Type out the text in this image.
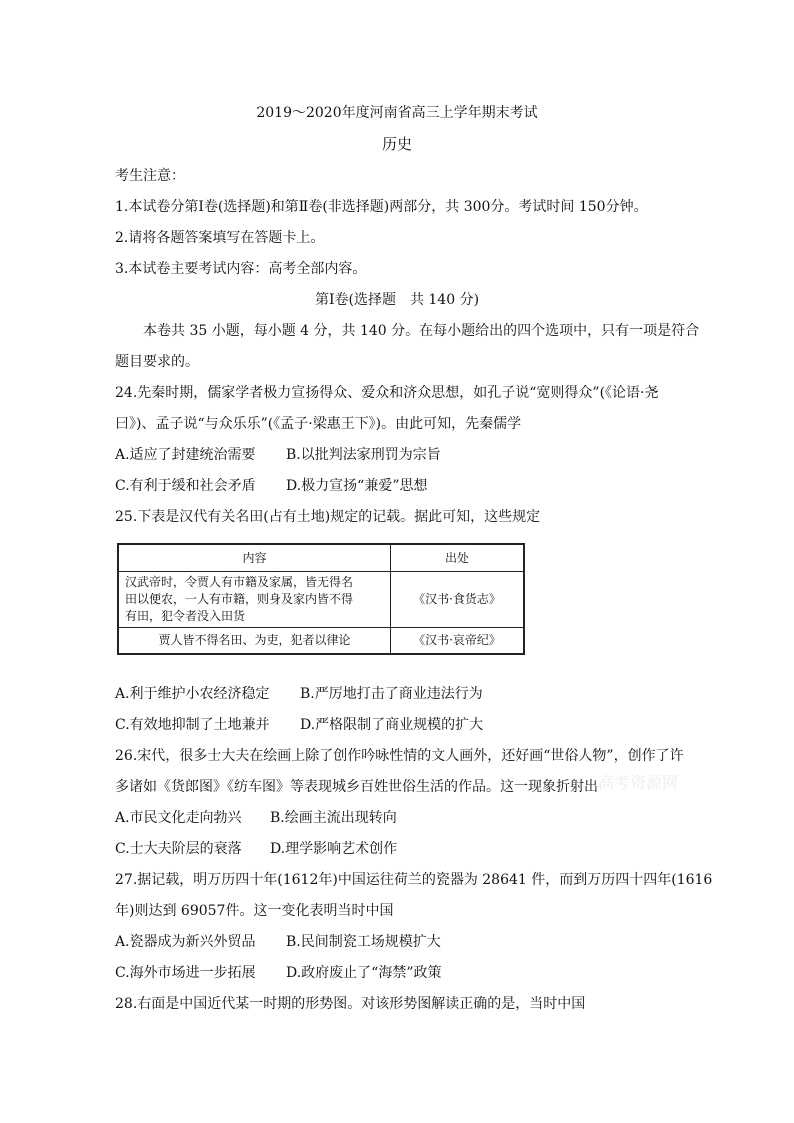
2019～2020年度河南省高三上学年期末考试
历史
考生注意：
1.本试卷分第Ⅰ卷(选择题)和第Ⅱ卷(非选择题)两部分，共 300分。考试时间 150分钟。
2.请将各题答案填写在答题卡上。
3.本试卷主要考试内容：高考全部内容。
第Ⅰ卷(选择题　共 140 分)
本卷共 35 小题，每小题 4 分，共 140 分。在每小题给出的四个选项中，只有一项是符合
题目要求的。
24.先秦时期，儒家学者极力宣扬得众、爱众和济众思想，如孔子说“宽则得众”(《论语·尧
曰》)、孟子说“与众乐乐”(《孟子·梁惠王下》)。由此可知，先秦儒学
A.适应了封建统治需要 B.以批判法家刑罚为宗旨
C.有利于缓和社会矛盾 D.极力宣扬“兼爱”思想
25.下表是汉代有关名田(占有土地)规定的记载。据此可知，这些规定
内容	出处

汉武帝时，令贾人有市籍及家属，皆无得名
田以便农，一人有市籍，则身及家内皆不得
有田，犯令者没入田货	《汉书·食货志》
贾人皆不得名田、为吏，犯者以律论	《汉书·哀帝纪》
A.利于维护小农经济稳定 B.严厉地打击了商业违法行为
C.有效地抑制了土地兼并 D.严格限制了商业规模的扩大
26.宋代，很多士大夫在绘画上除了创作吟咏性情的文人画外，还好画“世俗人物”，创作了许
多诸如《货郎图》《纺车图》等表现城乡百姓世俗生活的作品。这一现象折射出
A.市民文化走向勃兴 B.绘画主流出现转向
C.士大夫阶层的衰落 D.理学影响艺术创作
27.据记载，明万历四十年(1612年)中国运往荷兰的瓷器为 28641 件，而到万历四十四年(1616
年)则达到 69057件。这一变化表明当时中国
A.瓷器成为新兴外贸品 B.民间制瓷工场规模扩大
C.海外市场进一步拓展 D.政府废止了“海禁”政策
28.右面是中国近代某一时期的形势图。对该形势图解读正确的是，当时中国
高考资源网
